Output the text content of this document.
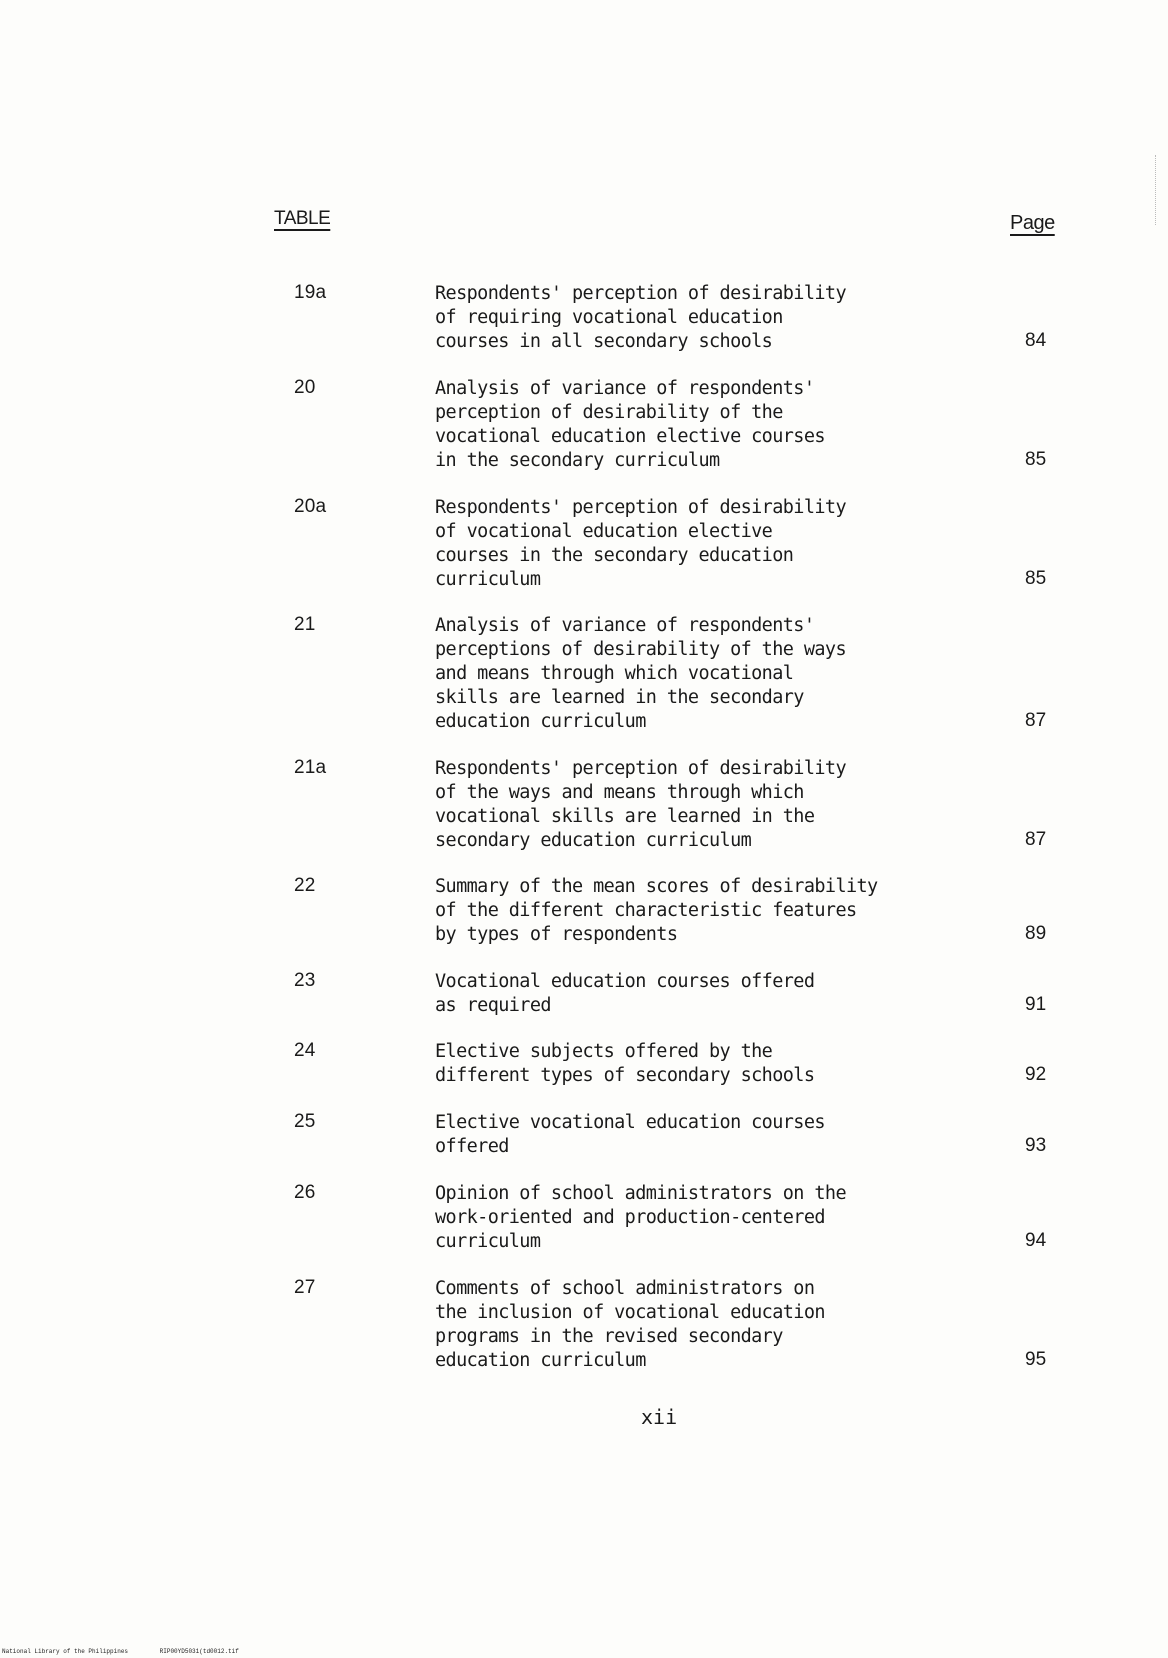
TABLE	Page
19a	Respondents' perception of desirability
of requiring vocational education
courses in all secondary schools	84
20	Analysis of variance of respondents'
perception of desirability of the
vocational education elective courses
in the secondary curriculum	85
20a	Respondents' perception of desirability
of vocational education elective
courses in the secondary education
curriculum	85
21	Analysis of variance of respondents'
perceptions of desirability of the ways
and means through which vocational
skills are learned in the secondary
education curriculum	87
21a	Respondents' perception of desirability
of the ways and means through which
vocational skills are learned in the
secondary education curriculum	87
22	Summary of the mean scores of desirability
of the different characteristic features
by types of respondents	89
23	Vocational education courses offered
as required	91
24	Elective subjects offered by the
different types of secondary schools	92
25	Elective vocational education courses
offered	93
26	Opinion of school administrators on the
work-oriented and production-centered
curriculum	94
27	Comments of school administrators on
the inclusion of vocational education
programs in the revised secondary
education curriculum	95
xii
National Library of the Philippines	RIP00YD5031(td0012.tif
